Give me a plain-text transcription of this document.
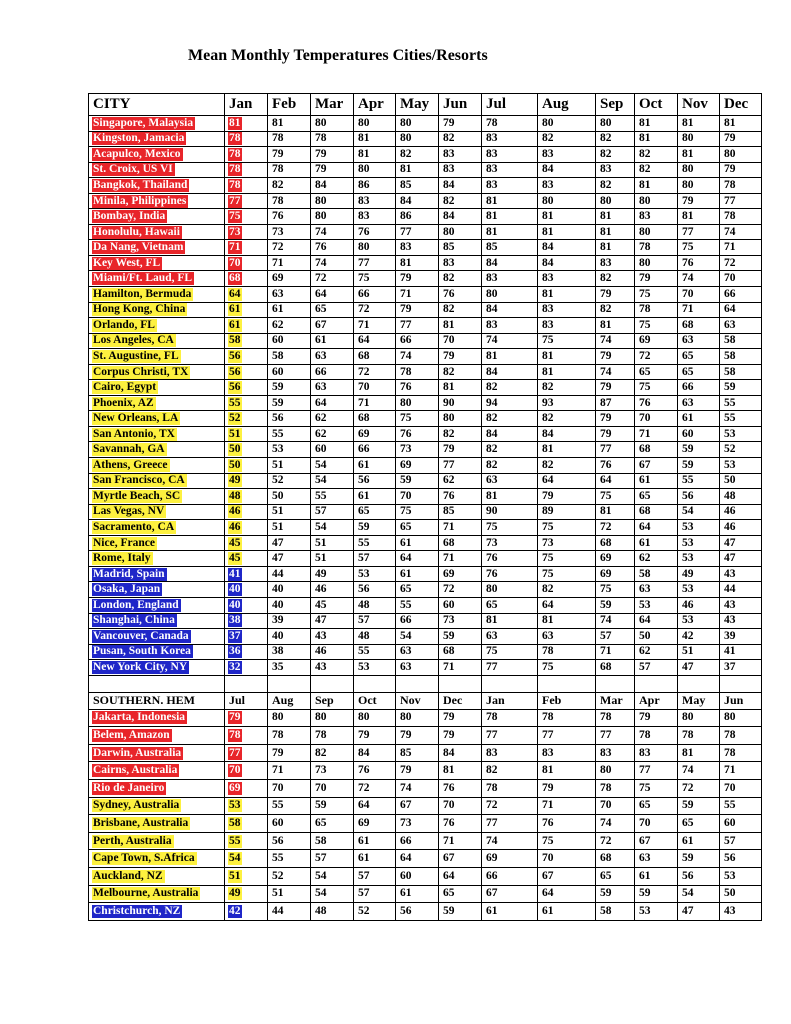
Mean Monthly Temperatures Cities/Resorts
CITY	Jan	Feb	Mar	Apr	May	Jun	Jul	Aug	Sep	Oct	Nov	Dec
Singapore, Malaysia	81	81	80	80	80	79	78	80	80	81	81	81
Kingston, Jamacia	78	78	78	81	80	82	83	82	82	81	80	79
Acapulco, Mexico	78	79	79	81	82	83	83	83	82	82	81	80
St. Croix, US VI	78	78	79	80	81	83	83	84	83	82	80	79
Bangkok, Thailand	78	82	84	86	85	84	83	83	82	81	80	78
Minila, Philippines	77	78	80	83	84	82	81	80	80	80	79	77
Bombay, India	75	76	80	83	86	84	81	81	81	83	81	78
Honolulu, Hawaii	73	73	74	76	77	80	81	81	81	80	77	74
Da Nang, Vietnam	71	72	76	80	83	85	85	84	81	78	75	71
Key West, FL	70	71	74	77	81	83	84	84	83	80	76	72
Miami/Ft. Laud, FL	68	69	72	75	79	82	83	83	82	79	74	70
Hamilton, Bermuda	64	63	64	66	71	76	80	81	79	75	70	66
Hong Kong, China	61	61	65	72	79	82	84	83	82	78	71	64
Orlando, FL	61	62	67	71	77	81	83	83	81	75	68	63
Los Angeles, CA	58	60	61	64	66	70	74	75	74	69	63	58
St. Augustine, FL	56	58	63	68	74	79	81	81	79	72	65	58
Corpus Christi, TX	56	60	66	72	78	82	84	81	74	65	65	58
Cairo, Egypt	56	59	63	70	76	81	82	82	79	75	66	59
Phoenix, AZ	55	59	64	71	80	90	94	93	87	76	63	55
New Orleans, LA	52	56	62	68	75	80	82	82	79	70	61	55
San Antonio, TX	51	55	62	69	76	82	84	84	79	71	60	53
Savannah, GA	50	53	60	66	73	79	82	81	77	68	59	52
Athens, Greece	50	51	54	61	69	77	82	82	76	67	59	53
San Francisco, CA	49	52	54	56	59	62	63	64	64	61	55	50
Myrtle Beach, SC	48	50	55	61	70	76	81	79	75	65	56	48
Las Vegas, NV	46	51	57	65	75	85	90	89	81	68	54	46
Sacramento, CA	46	51	54	59	65	71	75	75	72	64	53	46
Nice, France	45	47	51	55	61	68	73	73	68	61	53	47
Rome, Italy	45	47	51	57	64	71	76	75	69	62	53	47
Madrid, Spain	41	44	49	53	61	69	76	75	69	58	49	43
Osaka, Japan	40	40	46	56	65	72	80	82	75	63	53	44
London, England	40	40	45	48	55	60	65	64	59	53	46	43
Shanghai, China	38	39	47	57	66	73	81	81	74	64	53	43
Vancouver, Canada	37	40	43	48	54	59	63	63	57	50	42	39
Pusan, South Korea	36	38	46	55	63	68	75	78	71	62	51	41
New York City, NY	32	35	43	53	63	71	77	75	68	57	47	37

SOUTHERN. HEM	Jul	Aug	Sep	Oct	Nov	Dec	Jan	Feb	Mar	Apr	May	Jun
Jakarta, Indonesia	79	80	80	80	80	79	78	78	78	79	80	80
Belem, Amazon	78	78	78	79	79	79	77	77	77	78	78	78
Darwin, Australia	77	79	82	84	85	84	83	83	83	83	81	78
Cairns, Australia	70	71	73	76	79	81	82	81	80	77	74	71
Rio de Janeiro	69	70	70	72	74	76	78	79	78	75	72	70
Sydney, Australia	53	55	59	64	67	70	72	71	70	65	59	55
Brisbane, Australia	58	60	65	69	73	76	77	76	74	70	65	60
Perth, Australia	55	56	58	61	66	71	74	75	72	67	61	57
Cape Town, S.Africa	54	55	57	61	64	67	69	70	68	63	59	56
Auckland, NZ	51	52	54	57	60	64	66	67	65	61	56	53
Melbourne, Australia	49	51	54	57	61	65	67	64	59	59	54	50
Christchurch, NZ	42	44	48	52	56	59	61	61	58	53	47	43
